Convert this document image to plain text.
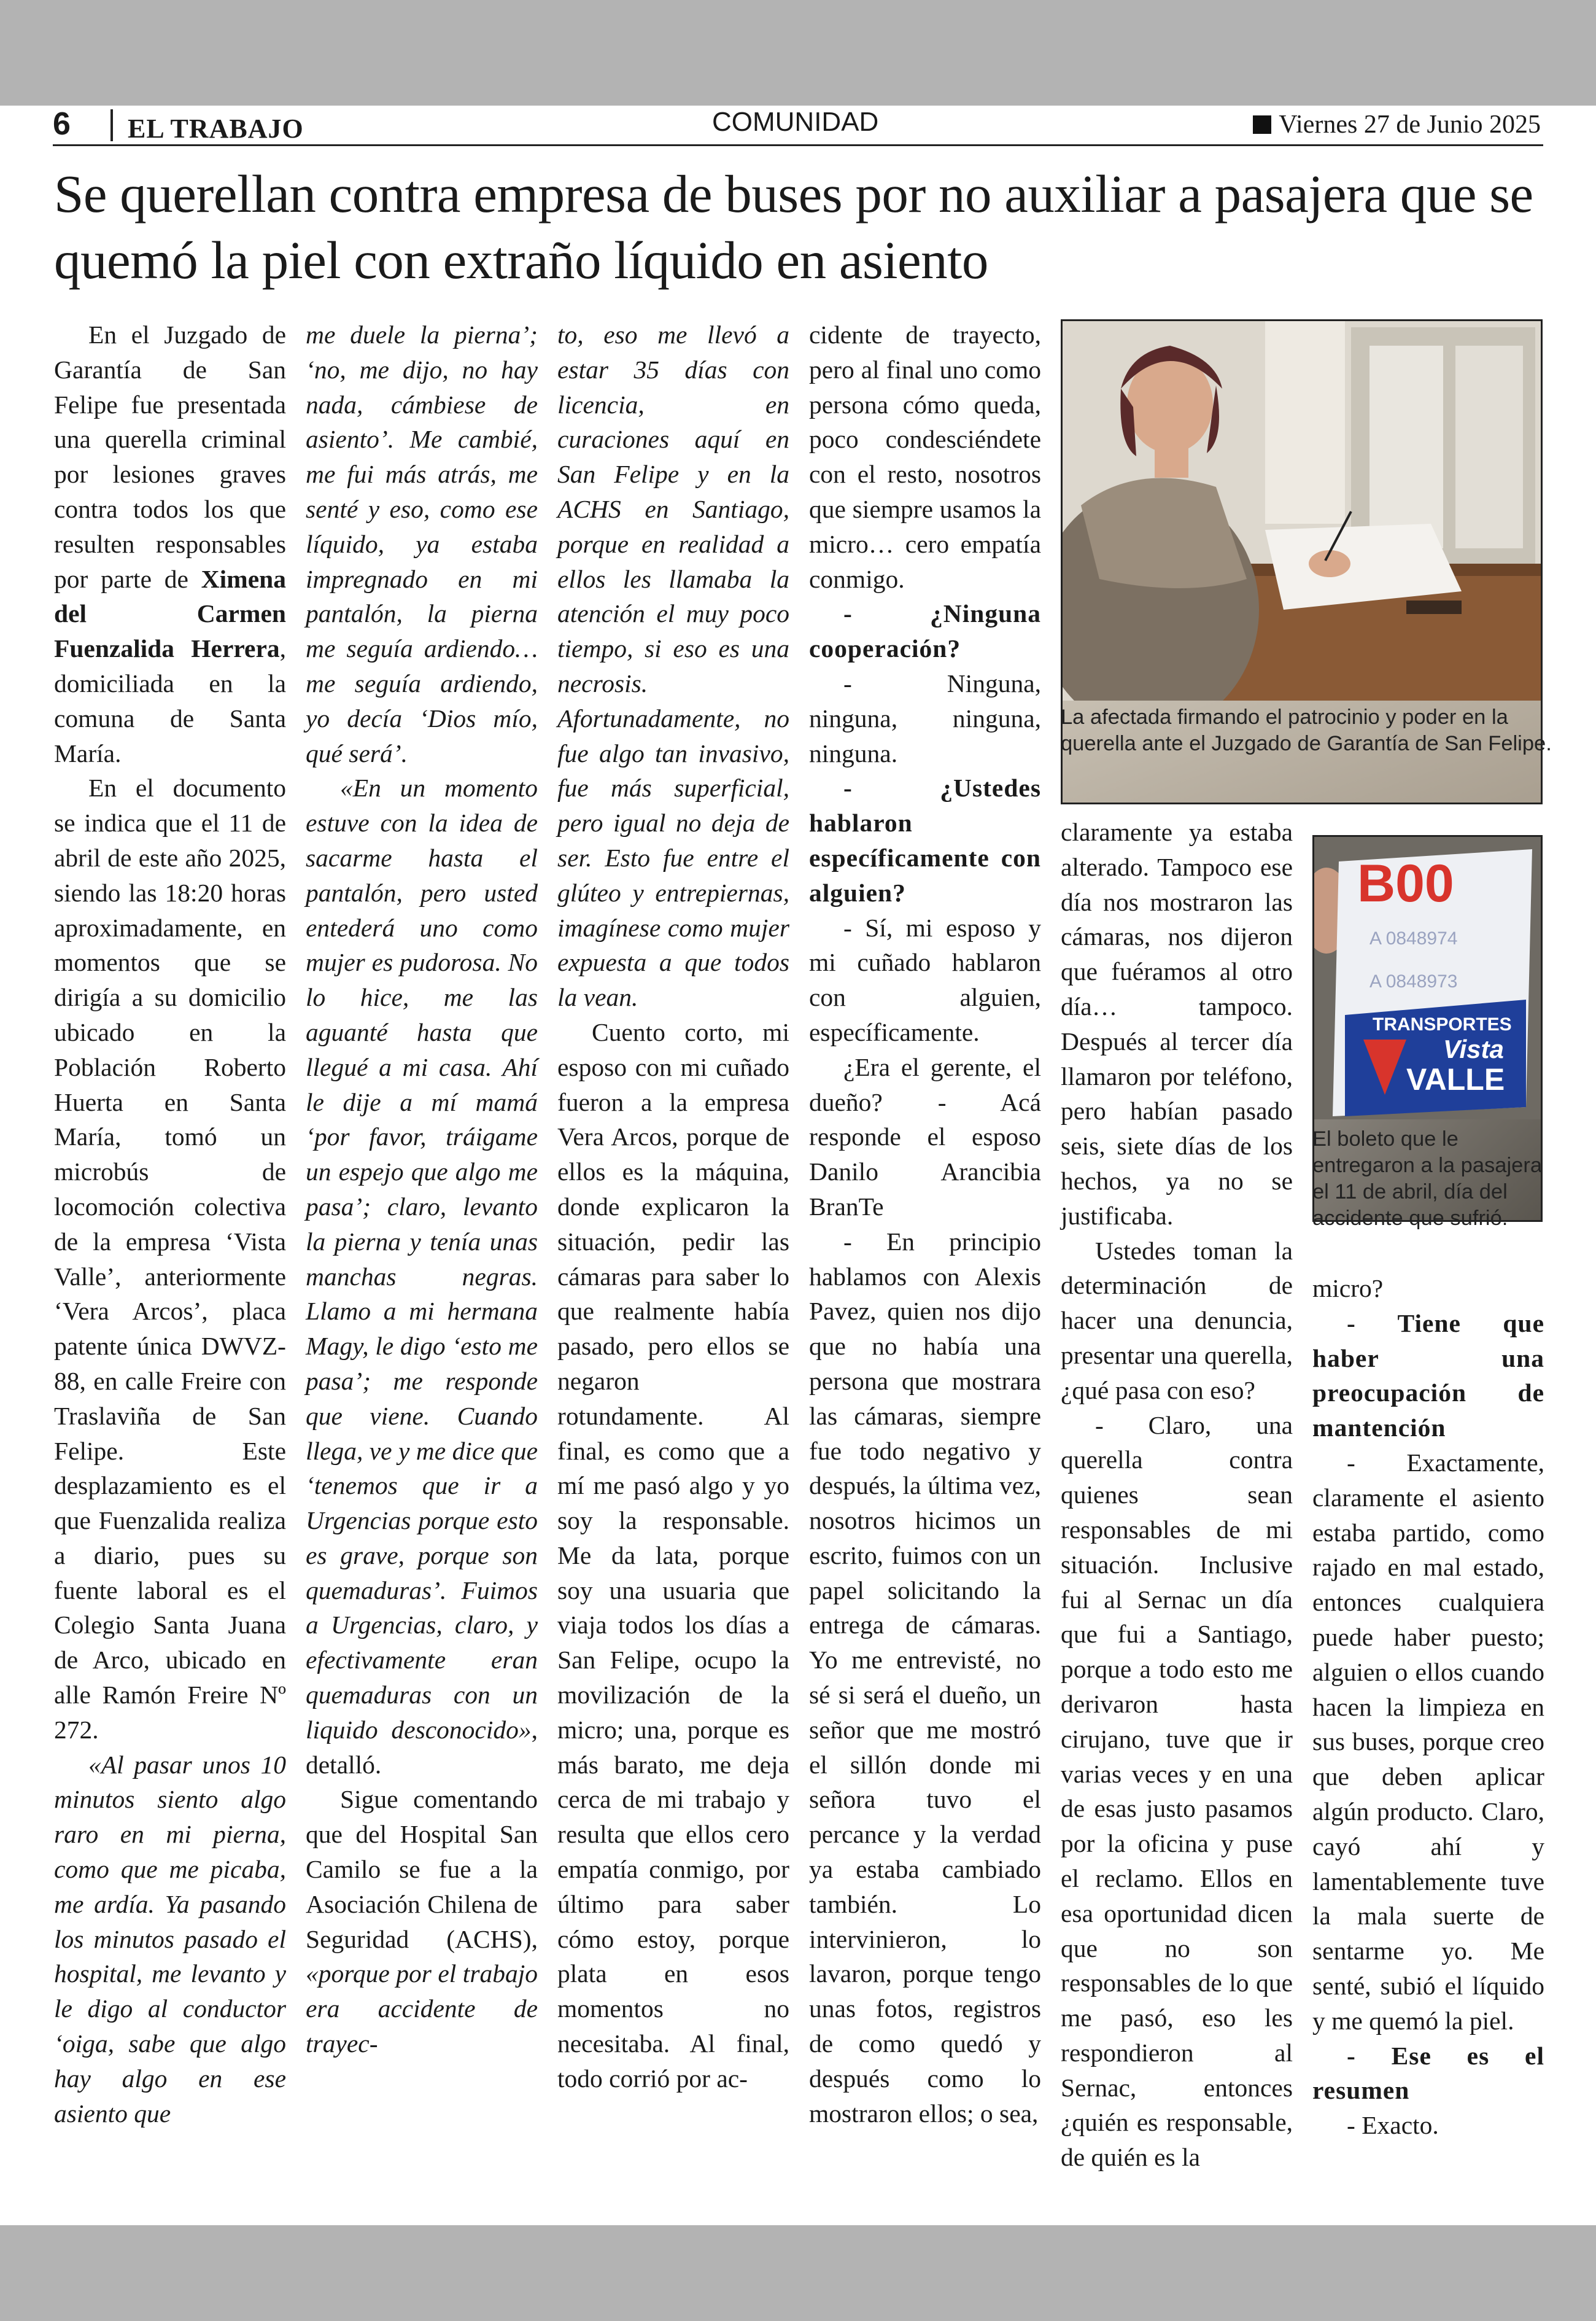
6 EL TRABAJO	COMUNIDAD	Viernes 27 de Junio 2025
Se querellan contra empresa de buses por no auxiliar a pasajera que se quemó la piel con extraño líquido en asiento

En el Juzgado de Garantía de San Felipe fue presentada una querella criminal por lesiones graves contra todos los que resulten responsables por parte de Ximena del Carmen Fuenzalida Herrera, domiciliada en la comuna de Santa María.

En el documento se indica que el 11 de abril de este año 2025, siendo las 18:20 horas aproximadamente, en momentos que se dirigía a su domicilio ubicado en la Población Roberto Huerta en Santa María, tomó un microbús de locomoción colectiva de la empresa ‘Vista Valle’, anteriormente ‘Vera Arcos’, placa patente única DWVZ-88, en calle Freire con Traslaviña de San Felipe. Este desplazamiento es el que Fuenzalida realiza a diario, pues su fuente laboral es el Colegio Santa Juana de Arco, ubicado en alle Ramón Freire Nº 272.

«Al pasar unos 10 minutos siento algo raro en mi pierna, como que me picaba, me ardía. Ya pasando los minutos pasado el hospital, me levanto y le digo al conductor ‘oiga, sabe que algo hay algo en ese asiento que

me duele la pierna’; ‘no, me dijo, no hay nada, cámbiese de asiento’. Me cambié, me fui más atrás, me senté y eso, como ese líquido, ya estaba impregnado en mi pantalón, la pierna me seguía ardiendo… me seguía ardiendo, yo decía ‘Dios mío, qué será’.

«En un momento estuve con la idea de sacarme hasta el pantalón, pero usted entederá uno como mujer es pudorosa. No lo hice, me las aguanté hasta que llegué a mi casa. Ahí le dije a mí mamá ‘por favor, tráigame un espejo que algo me pasa’; claro, levanto la pierna y tenía unas manchas negras. Llamo a mi hermana Magy, le digo ‘esto me pasa’; me responde que viene. Cuando llega, ve y me dice que ‘tenemos que ir a Urgencias porque esto es grave, porque son quemaduras’. Fuimos a Urgencias, claro, y efectivamente eran quemaduras con un liquido desconocido», detalló.

Sigue comentando que del Hospital San Camilo se fue a la Asociación Chilena de Seguridad (ACHS), «porque por el trabajo era accidente de trayec-

to, eso me llevó a estar 35 días con licencia, en curaciones aquí en San Felipe y en la ACHS en Santiago, porque en realidad a ellos les llamaba la atención el muy poco tiempo, si eso es una necrosis. Afortunadamente, no fue algo tan invasivo, fue más superficial, pero igual no deja de ser. Esto fue entre el glúteo y entrepiernas, imagínese como mujer expuesta a que todos la vean.

Cuento corto, mi esposo con mi cuñado fueron a la empresa Vera Arcos, porque de ellos es la máquina, donde explicaron la situación, pedir las cámaras para saber lo que realmente había pasado, pero ellos se negaron rotundamente. Al final, es como que a mí me pasó algo y yo soy la responsable. Me da lata, porque soy una usuaria que viaja todos los días a San Felipe, ocupo la movilización de la micro; una, porque es más barato, me deja cerca de mi trabajo y resulta que ellos cero empatía conmigo, por último para saber cómo estoy, porque plata en esos momentos no necesitaba. Al final, todo corrió por ac-

cidente de trayecto, pero al final uno como persona cómo queda, poco condesciéndete con el resto, nosotros que siempre usamos la micro… cero empatía conmigo.

- ¿Ninguna cooperación?

- Ninguna, ninguna, ninguna, ninguna.

- ¿Ustedes hablaron específicamente con alguien?

- Sí, mi esposo y mi cuñado hablaron con alguien, específicamente.

¿Era el gerente, el dueño? - Acá responde el esposo Danilo Arancibia BranTe

- En principio hablamos con Alexis Pavez, quien nos dijo que no había una persona que mostrara las cámaras, siempre fue todo negativo y después, la última vez, nosotros hicimos un escrito, fuimos con un papel solicitando la entrega de cámaras. Yo me entrevisté, no sé si será el dueño, un señor que me mostró el sillón donde mi señora tuvo el percance y la verdad ya estaba cambiado también. Lo intervinieron, lo lavaron, porque tengo unas fotos, registros de como quedó y después como lo mostraron ellos; o sea,

La afectada firmando el patrocinio y poder en la querella ante el Juzgado de Garantía de San Felipe.

claramente ya estaba alterado. Tampoco ese día nos mostraron las cámaras, nos dijeron que fuéramos al otro día… tampoco. Después al tercer día llamaron por teléfono, pero habían pasado seis, siete días de los hechos, ya no se justificaba.

Ustedes toman la determinación de hacer una denuncia, presentar una querella, ¿qué pasa con eso?

- Claro, una querella contra quienes sean responsables de mi situación. Inclusive fui al Sernac un día que fui a Santiago, porque a todo esto me derivaron hasta cirujano, tuve que ir varias veces y en una de esas justo pasamos por la oficina y puse el reclamo. Ellos en esa oportunidad dicen que no son responsables de lo que me pasó, eso les respondieron al Sernac, entonces ¿quién es responsable, de quién es la

B00
A 0848974
A 0848973
TRANSPORTES
Vista
VALLE
El boleto que le entregaron a la pasajera el 11 de abril, día del accidente que sufrió.

micro?

- Tiene que haber una preocupación de mantención

- Exactamente, claramente el asiento estaba partido, como rajado en mal estado, entonces cualquiera puede haber puesto; alguien o ellos cuando hacen la limpieza en sus buses, porque creo que deben aplicar algún producto. Claro, cayó ahí y lamentablemente tuve la mala suerte de sentarme yo. Me senté, subió el líquido y me quemó la piel.

- Ese es el resumen

- Exacto.
